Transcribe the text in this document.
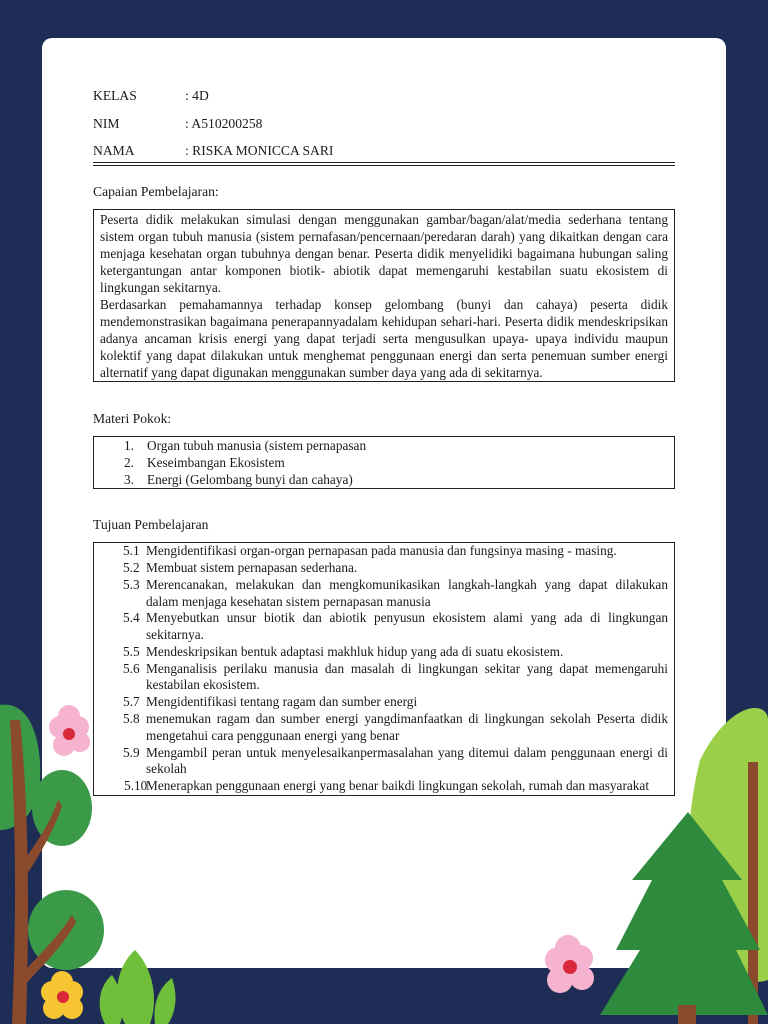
KELAS	: 4D
NIM	: A510200258
NAMA	: RISKA MONICCA SARI
Capaian Pembelajaran:

Peserta didik melakukan simulasi dengan menggunakan gambar/bagan/alat/media sederhana tentang sistem organ tubuh manusia (sistem pernafasan/pencernaan/peredaran darah) yang dikaitkan dengan cara menjaga kesehatan organ tubuhnya dengan benar. Peserta didik menyelidiki bagaimana hubungan saling ketergantungan antar komponen biotik- abiotik dapat memengaruhi kestabilan suatu ekosistem di lingkungan sekitarnya.

Berdasarkan pemahamannya terhadap konsep gelombang (bunyi dan cahaya) peserta didik mendemonstrasikan bagaimana penerapannyadalam kehidupan sehari-hari. Peserta didik mendeskripsikan adanya ancaman krisis energi yang dapat terjadi serta mengusulkan upaya- upaya individu maupun kolektif yang dapat dilakukan untuk menghemat penggunaan energi dan serta penemuan sumber energi alternatif yang dapat digunakan menggunakan sumber daya yang ada di sekitarnya.

Materi Pokok:
1. Organ tubuh manusia (sistem pernapasan
2. Keseimbangan Ekosistem
3. Energi (Gelombang bunyi dan cahaya)
Tujuan Pembelajaran
5.1 Mengidentifikasi organ-organ pernapasan pada manusia dan fungsinya masing - masing.
5.2 Membuat sistem pernapasan sederhana.
5.3 Merencanakan, melakukan dan mengkomunikasikan langkah-langkah yang dapat dilakukan dalam menjaga kesehatan sistem pernapasan manusia
5.4 Menyebutkan unsur biotik dan abiotik penyusun ekosistem alami yang ada di lingkungan sekitarnya.
5.5 Mendeskripsikan bentuk adaptasi makhluk hidup yang ada di suatu ekosistem.
5.6 Menganalisis perilaku manusia dan masalah di lingkungan sekitar yang dapat memengaruhi kestabilan ekosistem.
5.7 Mengidentifikasi tentang ragam dan sumber energi
5.8 menemukan ragam dan sumber energi yangdimanfaatkan di lingkungan sekolah Peserta didik mengetahui cara penggunaan energi yang benar
5.9 Mengambil peran untuk menyelesaikanpermasalahan yang ditemui dalam penggunaan energi di sekolah
5.10
Menerapkan penggunaan energi yang benar baikdi lingkungan sekolah, rumah dan masyarakat
